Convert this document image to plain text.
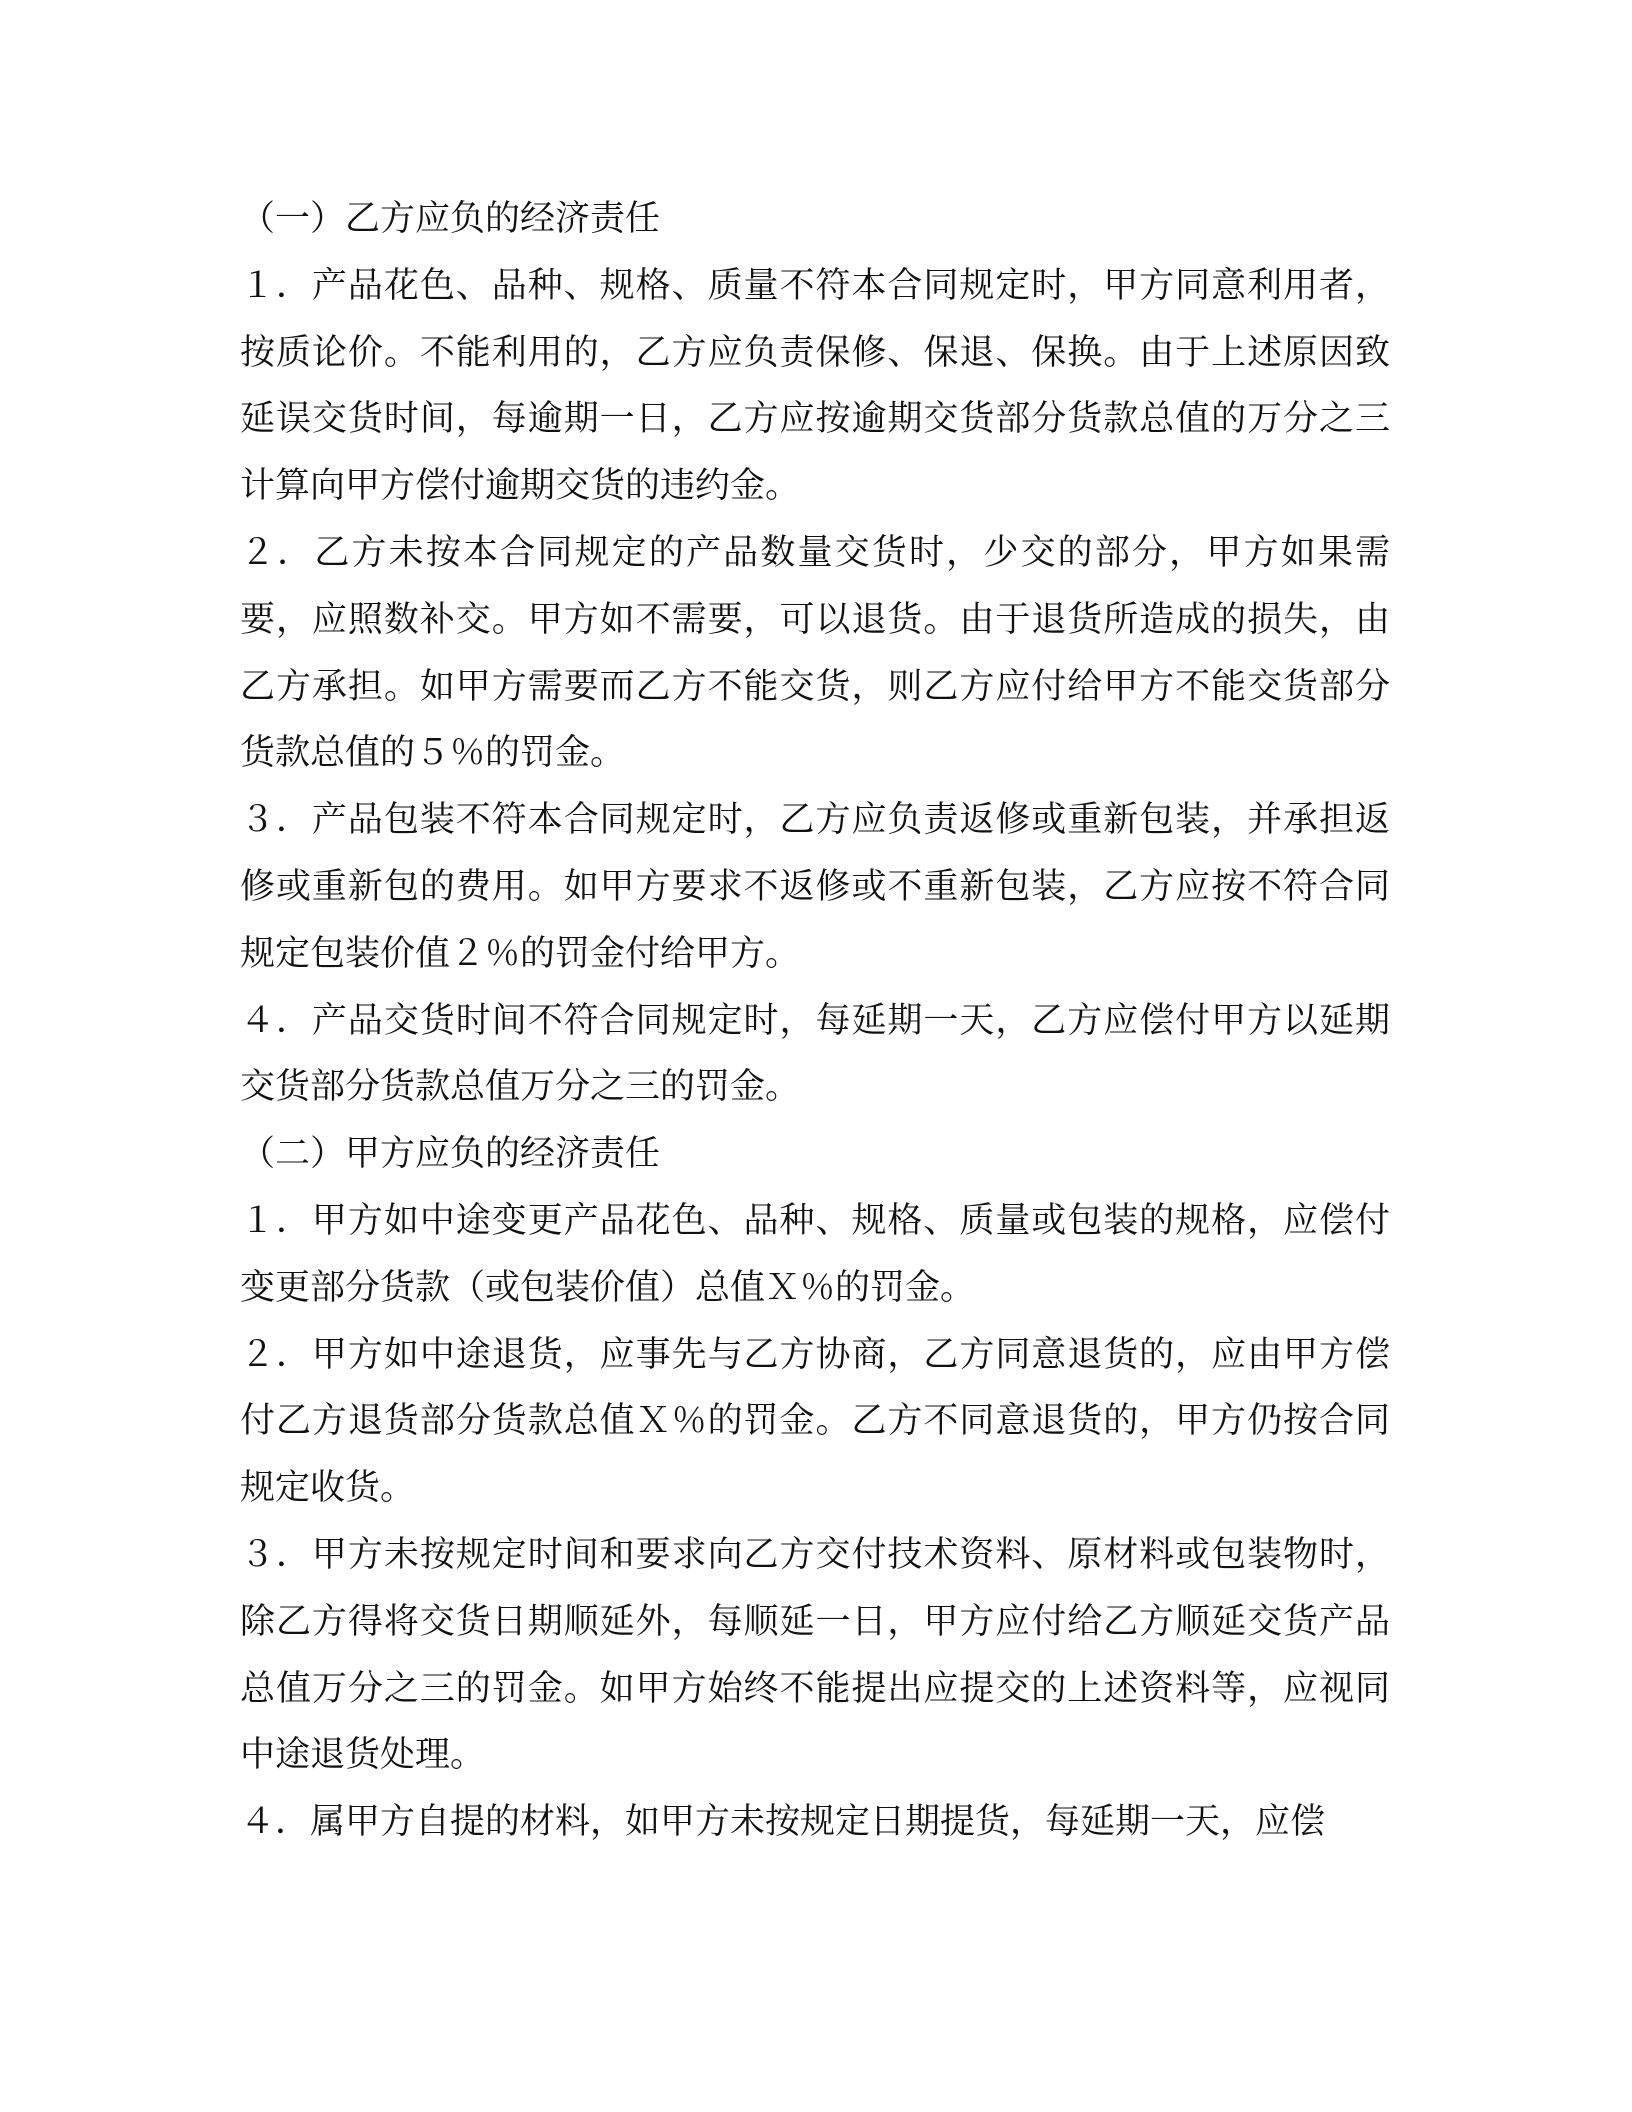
（一）乙方应负的经济责任

１．产品花色、品种、规格、质量不符本合同规定时，甲方同意利用者，按质论价。不能利用的，乙方应负责保修、保退、保换。由于上述原因致延误交货时间，每逾期一日，乙方应按逾期交货部分货款总值的万分之三计算向甲方偿付逾期交货的违约金。

２．乙方未按本合同规定的产品数量交货时，少交的部分，甲方如果需要，应照数补交。甲方如不需要，可以退货。由于退货所造成的损失，由乙方承担。如甲方需要而乙方不能交货，则乙方应付给甲方不能交货部分货款总值的５％的罚金。

３．产品包装不符本合同规定时，乙方应负责返修或重新包装，并承担返修或重新包的费用。如甲方要求不返修或不重新包装，乙方应按不符合同规定包装价值２％的罚金付给甲方。

４．产品交货时间不符合同规定时，每延期一天，乙方应偿付甲方以延期交货部分货款总值万分之三的罚金。

（二）甲方应负的经济责任

１．甲方如中途变更产品花色、品种、规格、质量或包装的规格，应偿付变更部分货款（或包装价值）总值Ｘ％的罚金。

２．甲方如中途退货，应事先与乙方协商，乙方同意退货的，应由甲方偿付乙方退货部分货款总值Ｘ％的罚金。乙方不同意退货的，甲方仍按合同规定收货。

３．甲方未按规定时间和要求向乙方交付技术资料、原材料或包装物时，除乙方得将交货日期顺延外，每顺延一日，甲方应付给乙方顺延交货产品总值万分之三的罚金。如甲方始终不能提出应提交的上述资料等，应视同中途退货处理。

４．属甲方自提的材料，如甲方未按规定日期提货，每延期一天，应偿
